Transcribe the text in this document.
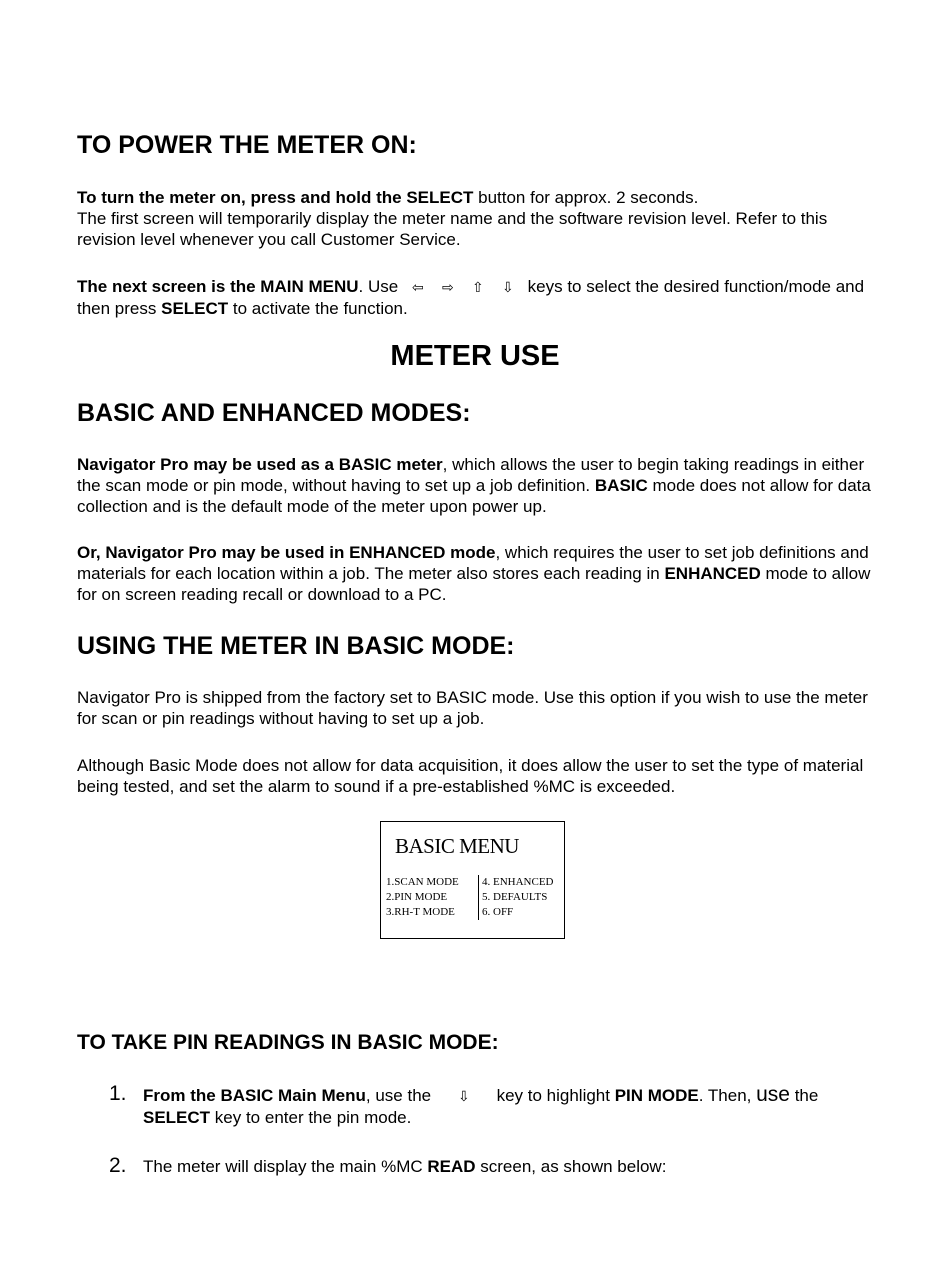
TO POWER THE METER ON:

To turn the meter on, press and hold the SELECT button for approx. 2 seconds.
The first screen will temporarily display the meter name and the software revision level. Refer to this revision level whenever you call Customer Service.

The next screen is the MAIN MENU. Use ⇦ ⇨ ⇧ ⇩ keys to select the desired function/mode and then press SELECT to activate the function.

METER USE
BASIC AND ENHANCED MODES:

Navigator Pro may be used as a BASIC meter, which allows the user to begin taking readings in either the scan mode or pin mode, without having to set up a job definition. BASIC mode does not allow for data collection and is the default mode of the meter upon power up.

Or, Navigator Pro may be used in ENHANCED mode, which requires the user to set job definitions and materials for each location within a job. The meter also stores each reading in ENHANCED mode to allow for on screen reading recall or download to a PC.

USING THE METER IN BASIC MODE:

Navigator Pro is shipped from the factory set to BASIC mode. Use this option if you wish to use the meter for scan or pin readings without having to set up a job.

Although Basic Mode does not allow for data acquisition, it does allow the user to set the type of material being tested, and set the alarm to sound if a pre-established %MC is exceeded.

BASIC MENU
1.SCAN MODE
2.PIN MODE
3.RH-T MODE
4. ENHANCED
5. DEFAULTS
6. OFF
TO TAKE PIN READINGS IN BASIC MODE:
1. From the BASIC Main Menu, use the ⇩ key to highlight PIN MODE. Then, use the SELECT key to enter the pin mode.
2. The meter will display the main %MC READ screen, as shown below:
